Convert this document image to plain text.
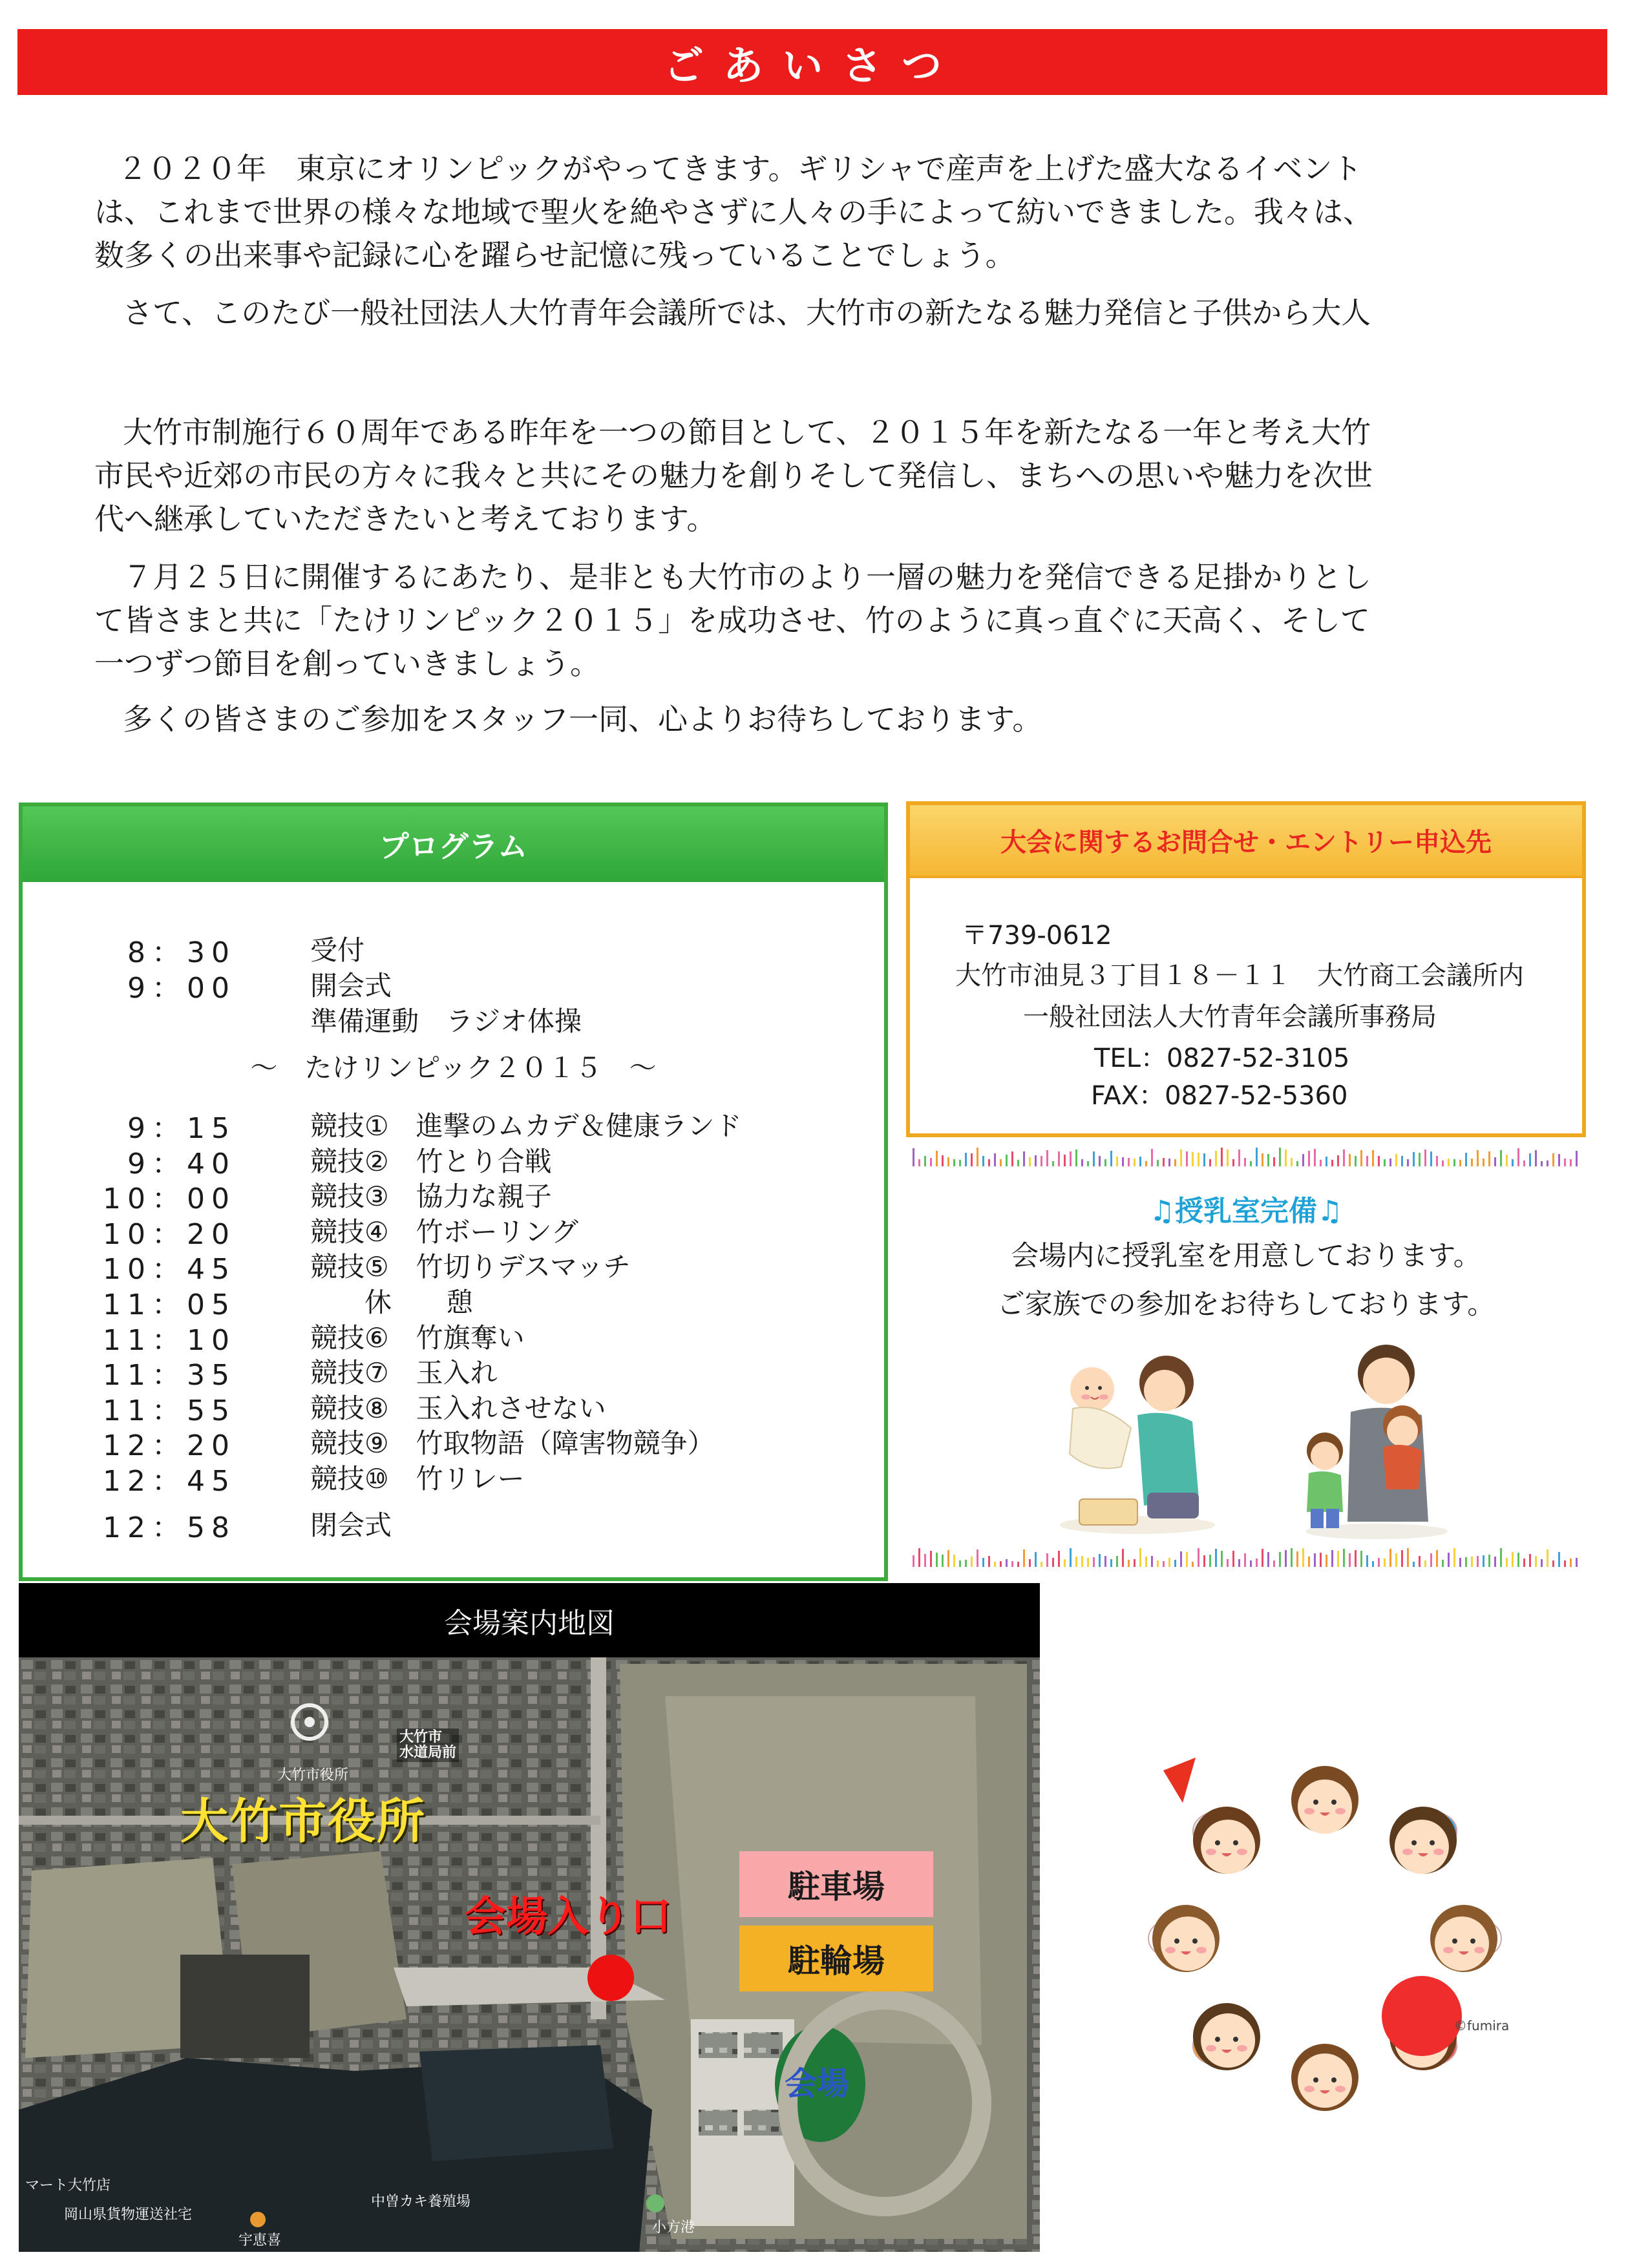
ごあいさつ

　２０２０年　東京にオリンピックがやってきます。ギリシャで産声を上げた盛大なるイベント

は、これまで世界の様々な地域で聖火を絶やさずに人々の手によって紡いできました。我々は、

数多くの出来事や記録に心を躍らせ記憶に残っていることでしょう。

さて、このたび一般社団法人大竹青年会議所では、大竹市の新たなる魅力発信と子供から大人

大竹市制施行６０周年である昨年を一つの節目として、２０１５年を新たなる一年と考え大竹

市民や近郊の市民の方々に我々と共にその魅力を創りそして発信し、まちへの思いや魅力を次世

代へ継承していただきたいと考えております。

７月２５日に開催するにあたり、是非とも大竹市のより一層の魅力を発信できる足掛かりとし

て皆さまと共に「たけリンピック２０１５」を成功させ、竹のように真っ直ぐに天高く、そして

一つずつ節目を創っていきましょう。

多くの皆さまのご参加をスタッフ一同、心よりお待ちしております。

プログラム
8：30	受付
9：00	開会式
準備運動　ラジオ体操
～　たけリンピック２０１５　～
9：15	競技①　進撃のムカデ＆健康ランド
9：40	競技②　竹とり合戦
10：00	競技③　協力な親子
10：20	競技④　竹ボーリング
10：45	競技⑤　竹切りデスマッチ
11：05	　　休　　憩
11：10	競技⑥　竹旗奪い
11：35	競技⑦　玉入れ
11：55	競技⑧　玉入れさせない
12：20	競技⑨　竹取物語（障害物競争）
12：45	競技⑩　竹リレー
12：58	閉会式
大会に関するお問合せ・エントリー申込先
〒739-0612
大竹市油見３丁目１８－１１　大竹商工会議所内
一般社団法人大竹青年会議所事務局
TEL：0827-52-3105
FAX：0827-52-5360
♫授乳室完備♫
会場内に授乳室を用意しております。
ご家族での参加をお待ちしております。
会場案内地図
大竹市役所
会場入り口
駐車場
駐輪場
会場
大竹市役所
大竹市
水道局前
マート大竹店
岡山県貨物運送社宅
宇恵喜
中曽カキ養殖場
小方港
©fumira
